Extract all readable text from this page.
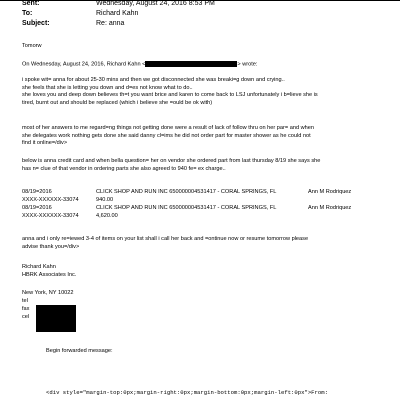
Sent:	Wednesday, August 24, 2016 8:53 PM
To:	Richard Kahn
Subject:	Re: anna
Tomorw
On Wednesday, August 24, 2016, Richard Kahn <	> wrote:
i spoke wit= anna for about 25-30 mins and then we got disconnected she was breaki=g down and crying..
she feels that she is letting you down and d=es not know what to do..
she loves you and deep down believes th=t you want brice and karen to come back to LSJ unfortunately i b=lieve she is
tired, burnt out and should be replaced (which i believe she =ould be ok with)
most of her answers to me regard=ng things not getting done were a result of lack of follow thru on her par= and when
she delegates work nothing gets done she said danny cl=ims he did not order part for master shower as he could not
find it online=/div>
below is anna credit card and when bella question= her on vendor she ordered part from last thursday 8/19 she says she
has n= clue of that vendor in ordering parts she also agreed to 940 fe= ex charge..
08/19=2016	CLICK SHOP AND RUN INC 650000004531417 - CORAL SPRINGS, FL	Ann M Rodriquez
XXXX-XXXXXX-33074	940.00
08/19=2016	CLICK SHOP AND RUN INC 650000004531417 - CORAL SPRINGS, FL	Ann M Rodriquez
XXXX-XXXXXX-33074	4,620.00
anna and i only re=iewed 3-4 of items on your list shall i call her back and =ontinue now or resume tomorrow please
advise thank you=/div>
Richard Kahn
HBRK Associates Inc.
New York, NY 10022
tel
fax
cel
Begin forwarded message:
<div style="margin-top:0px;margin-right:0px;margin-bottom:0px;margin-left:0px">From:
